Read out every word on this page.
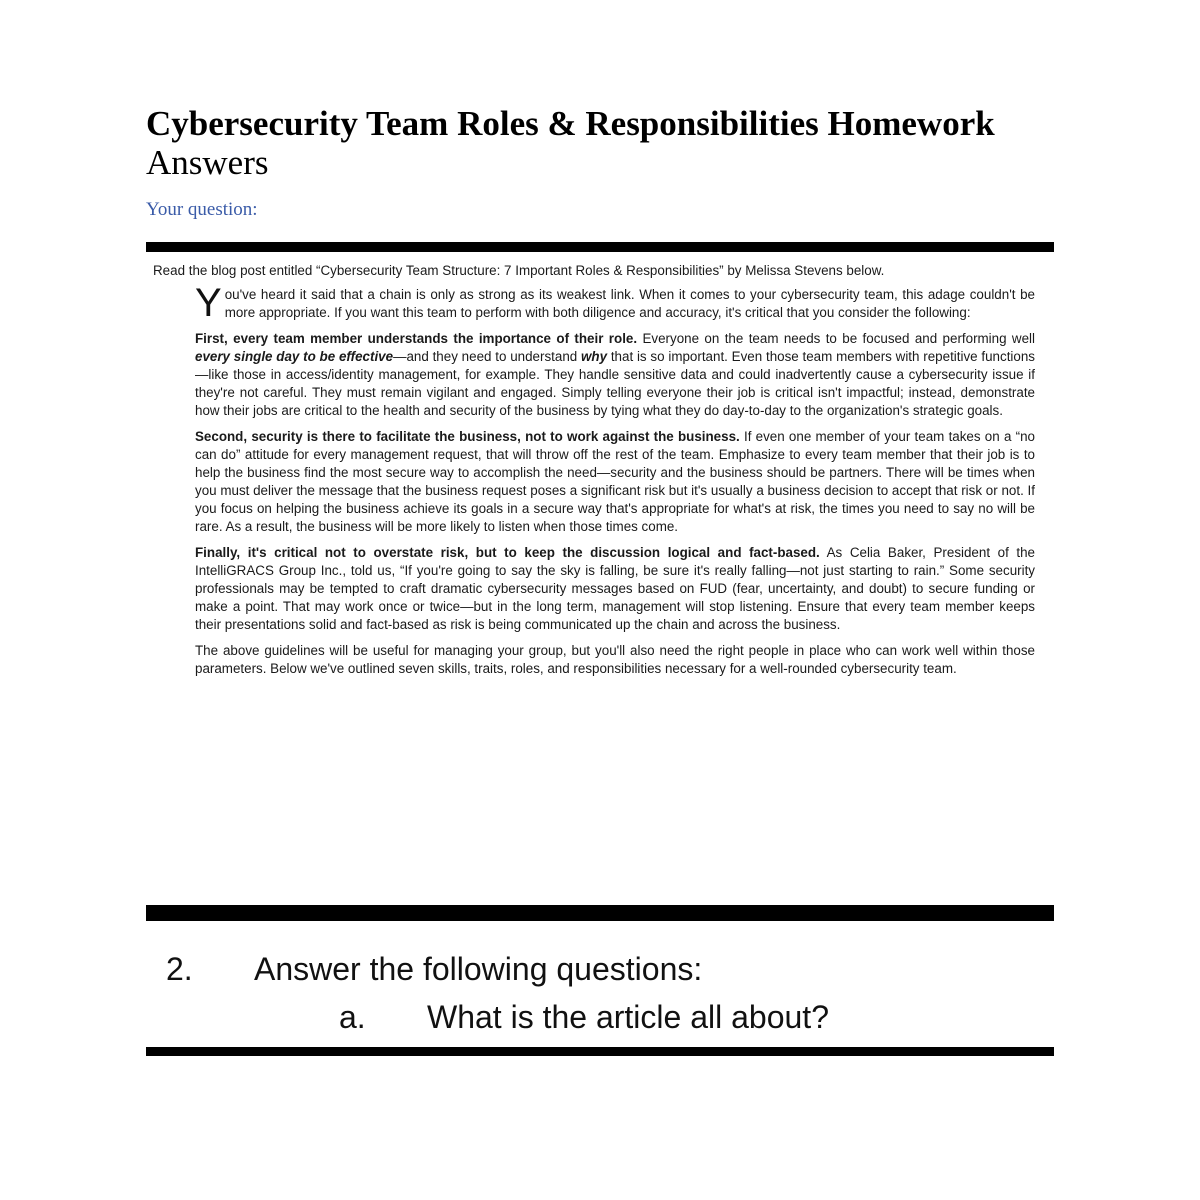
Cybersecurity Team Roles & Responsibilities Homework Answers
Your question:

Read the blog post entitled “Cybersecurity Team Structure: 7 Important Roles & Responsibilities” by Melissa Stevens below.

You've heard it said that a chain is only as strong as its weakest link. When it comes to your cybersecurity team, this adage couldn't be more appropriate. If you want this team to perform with both diligence and accuracy, it's critical that you consider the following:

First, every team member understands the importance of their role. Everyone on the team needs to be focused and performing well every single day to be effective—and they need to understand why that is so important. Even those team members with repetitive functions—like those in access/identity management, for example. They handle sensitive data and could inadvertently cause a cybersecurity issue if they're not careful. They must remain vigilant and engaged. Simply telling everyone their job is critical isn't impactful; instead, demonstrate how their jobs are critical to the health and security of the business by tying what they do day-to-day to the organization's strategic goals.

Second, security is there to facilitate the business, not to work against the business. If even one member of your team takes on a “no can do” attitude for every management request, that will throw off the rest of the team. Emphasize to every team member that their job is to help the business find the most secure way to accomplish the need—security and the business should be partners. There will be times when you must deliver the message that the business request poses a significant risk but it's usually a business decision to accept that risk or not. If you focus on helping the business achieve its goals in a secure way that's appropriate for what's at risk, the times you need to say no will be rare. As a result, the business will be more likely to listen when those times come.

Finally, it's critical not to overstate risk, but to keep the discussion logical and fact-based. As Celia Baker, President of the IntelliGRACS Group Inc., told us, “If you're going to say the sky is falling, be sure it's really falling—not just starting to rain.” Some security professionals may be tempted to craft dramatic cybersecurity messages based on FUD (fear, uncertainty, and doubt) to secure funding or make a point. That may work once or twice—but in the long term, management will stop listening. Ensure that every team member keeps their presentations solid and fact-based as risk is being communicated up the chain and across the business.

The above guidelines will be useful for managing your group, but you'll also need the right people in place who can work well within those parameters. Below we've outlined seven skills, traits, roles, and responsibilities necessary for a well-rounded cybersecurity team.

2. Answer the following questions:
a. What is the article all about?
